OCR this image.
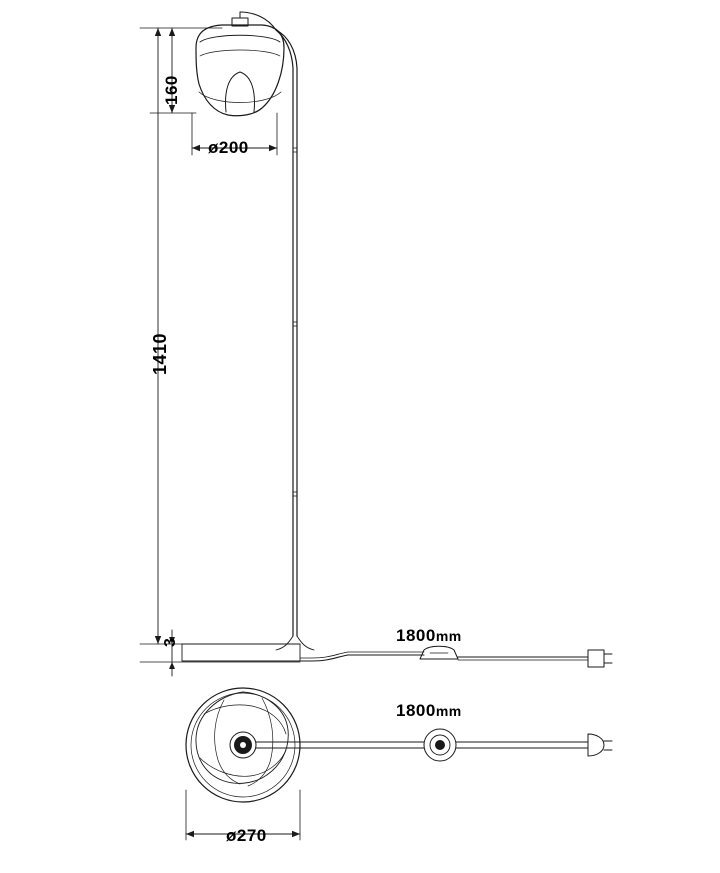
160
1410
3
ø200
ø270
1800mm
1800mm
